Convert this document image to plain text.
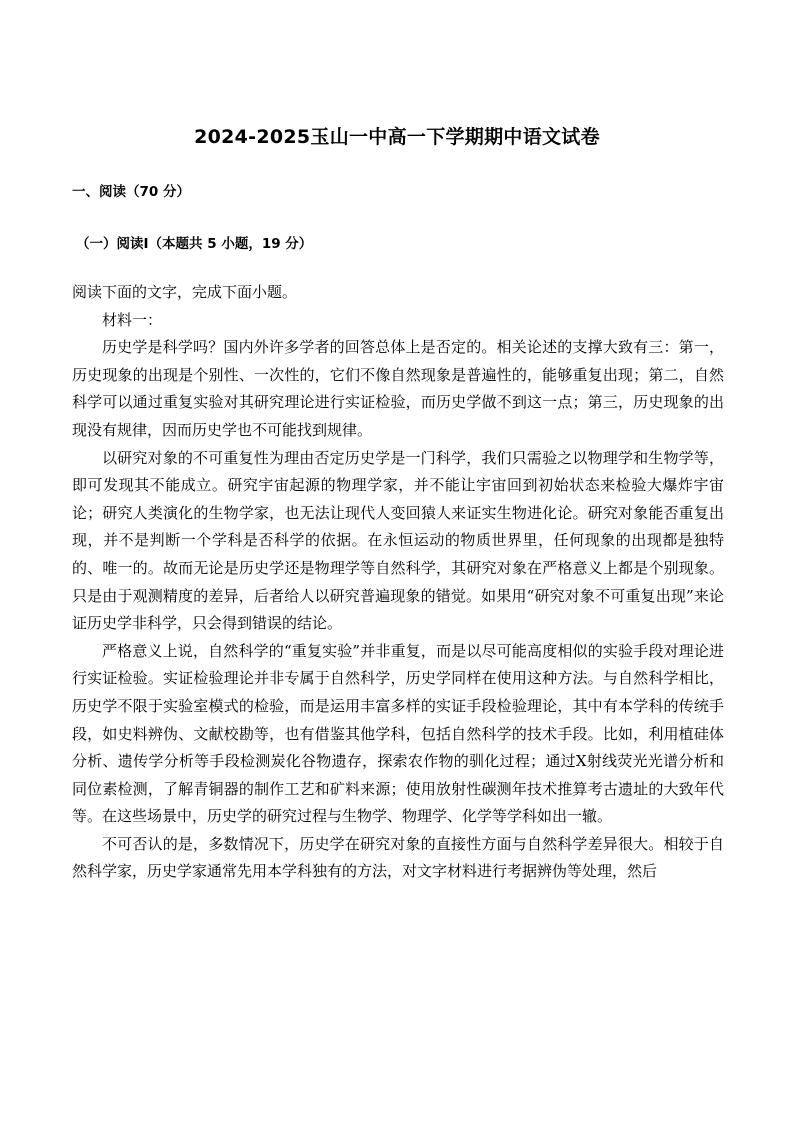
2024-2025玉山一中高一下学期期中语文试卷
一、阅读（70 分）
（一）阅读Ⅰ（本题共 5 小题，19 分）

阅读下面的文字，完成下面小题。

材料一：

历史学是科学吗？国内外许多学者的回答总体上是否定的。相关论述的支撑大致有三：第一，历史现象的出现是个别性、一次性的，它们不像自然现象是普遍性的，能够重复出现；第二，自然科学可以通过重复实验对其研究理论进行实证检验，而历史学做不到这一点；第三，历史现象的出现没有规律，因而历史学也不可能找到规律。

以研究对象的不可重复性为理由否定历史学是一门科学，我们只需验之以物理学和生物学等，即可发现其不能成立。研究宇宙起源的物理学家，并不能让宇宙回到初始状态来检验大爆炸宇宙论；研究人类演化的生物学家，也无法让现代人变回猿人来证实生物进化论。研究对象能否重复出现，并不是判断一个学科是否科学的依据。在永恒运动的物质世界里，任何现象的出现都是独特的、唯一的。故而无论是历史学还是物理学等自然科学，其研究对象在严格意义上都是个别现象。只是由于观测精度的差异，后者给人以研究普遍现象的错觉。如果用“研究对象不可重复出现”来论证历史学非科学，只会得到错误的结论。

严格意义上说，自然科学的“重复实验”并非重复，而是以尽可能高度相似的实验手段对理论进行实证检验。实证检验理论并非专属于自然科学，历史学同样在使用这种方法。与自然科学相比，历史学不限于实验室模式的检验，而是运用丰富多样的实证手段检验理论，其中有本学科的传统手段，如史料辨伪、文献校勘等，也有借鉴其他学科，包括自然科学的技术手段。比如，利用植硅体分析、遗传学分析等手段检测炭化谷物遗存，探索农作物的驯化过程；通过X射线荧光光谱分析和同位素检测，了解青铜器的制作工艺和矿料来源；使用放射性碳测年技术推算考古遗址的大致年代等。在这些场景中，历史学的研究过程与生物学、物理学、化学等学科如出一辙。

不可否认的是，多数情况下，历史学在研究对象的直接性方面与自然科学差异很大。相较于自然科学家，历史学家通常先用本学科独有的方法，对文字材料进行考据辨伪等处理，然后
